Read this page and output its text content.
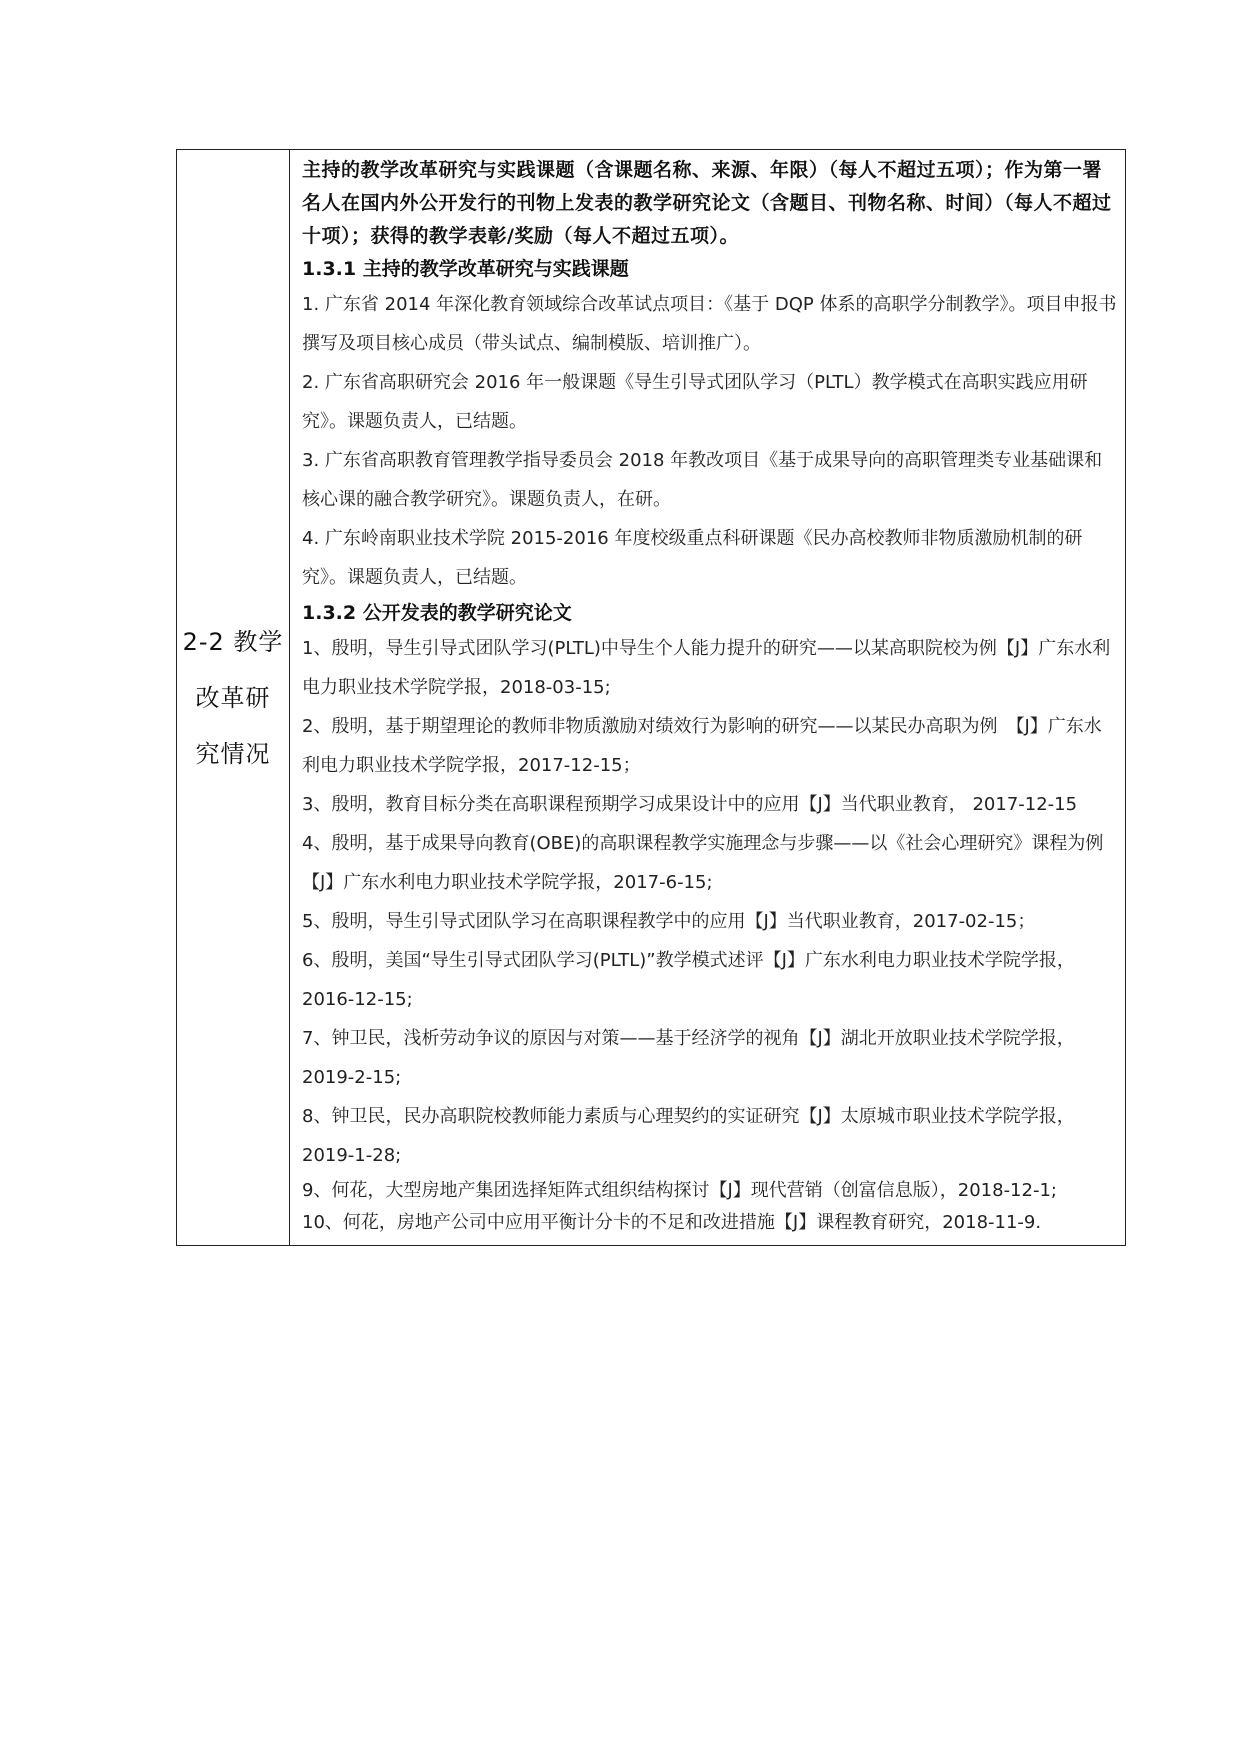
2-2 教学
改革研
究情况

主持的教学改革研究与实践课题（含课题名称、来源、年限）（每人不超过五项）；作为第一署名人在国内外公开发行的刊物上发表的教学研究论文（含题目、刊物名称、时间）（每人不超过十项）；获得的教学表彰/奖励（每人不超过五项）。

1.3.1 主持的教学改革研究与实践课题

1. 广东省 2014 年深化教育领域综合改革试点项目：《基于 DQP 体系的高职学分制教学》。项目申报书撰写及项目核心成员（带头试点、编制模版、培训推广）。

2. 广东省高职研究会 2016 年一般课题《导生引导式团队学习（PLTL）教学模式在高职实践应用研究》。课题负责人，已结题。

3. 广东省高职教育管理教学指导委员会 2018 年教改项目《基于成果导向的高职管理类专业基础课和核心课的融合教学研究》。课题负责人，在研。

4. 广东岭南职业技术学院 2015-2016 年度校级重点科研课题《民办高校教师非物质激励机制的研究》。课题负责人，已结题。

1.3.2 公开发表的教学研究论文

1、殷明，导生引导式团队学习(PLTL)中导生个人能力提升的研究——以某高职院校为例【J】广东水利电力职业技术学院学报，2018-03-15;

2、殷明，基于期望理论的教师非物质激励对绩效行为影响的研究——以某民办高职为例　【J】广东水利电力职业技术学院学报，2017-12-15；

3、殷明，教育目标分类在高职课程预期学习成果设计中的应用【J】当代职业教育， 2017-12-15

4、殷明，基于成果导向教育(OBE)的高职课程教学实施理念与步骤——以《社会心理研究》课程为例【J】广东水利电力职业技术学院学报，2017-6-15;

5、殷明，导生引导式团队学习在高职课程教学中的应用【J】当代职业教育，2017-02-15；

6、殷明，美国“导生引导式团队学习(PLTL)”教学模式述评【J】广东水利电力职业技术学院学报，2016-12-15;

7、钟卫民，浅析劳动争议的原因与对策——基于经济学的视角【J】湖北开放职业技术学院学报，2019-2-15;

8、钟卫民，民办高职院校教师能力素质与心理契约的实证研究【J】太原城市职业技术学院学报，2019-1-28;

9、何花，大型房地产集团选择矩阵式组织结构探讨【J】现代营销（创富信息版），2018-12-1;

10、何花，房地产公司中应用平衡计分卡的不足和改进措施【J】课程教育研究，2018-11-9.
